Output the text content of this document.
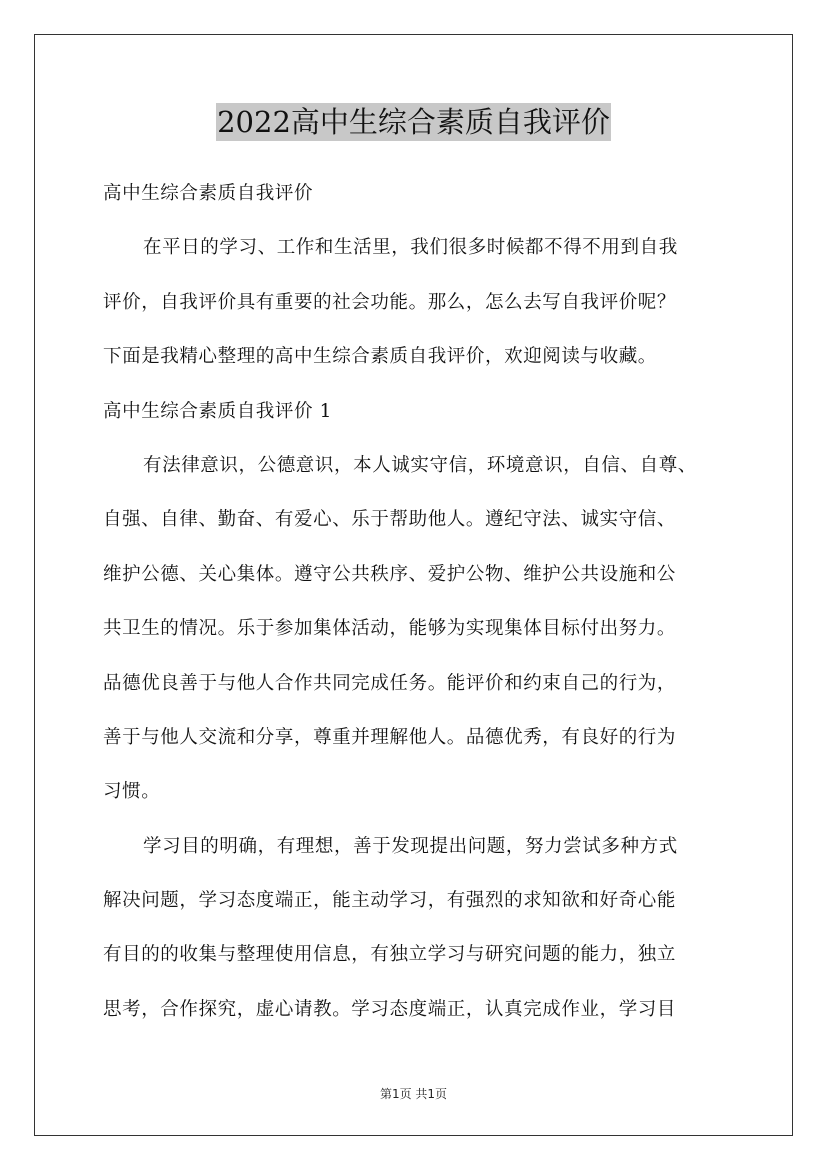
2022高中生综合素质自我评价
高中生综合素质自我评价
在平日的学习、工作和生活里，我们很多时候都不得不用到自我
评价，自我评价具有重要的社会功能。那么，怎么去写自我评价呢？
下面是我精心整理的高中生综合素质自我评价，欢迎阅读与收藏。
高中生综合素质自我评价 1
有法律意识，公德意识，本人诚实守信，环境意识，自信、自尊、
自强、自律、勤奋、有爱心、乐于帮助他人。遵纪守法、诚实守信、
维护公德、关心集体。遵守公共秩序、爱护公物、维护公共设施和公
共卫生的情况。乐于参加集体活动，能够为实现集体目标付出努力。
品德优良善于与他人合作共同完成任务。能评价和约束自己的行为，
善于与他人交流和分享，尊重并理解他人。品德优秀，有良好的行为
习惯。
学习目的明确，有理想，善于发现提出问题，努力尝试多种方式
解决问题，学习态度端正，能主动学习，有强烈的求知欲和好奇心能
有目的的收集与整理使用信息，有独立学习与研究问题的能力，独立
思考，合作探究，虚心请教。学习态度端正，认真完成作业，学习目
第1页 共1页
